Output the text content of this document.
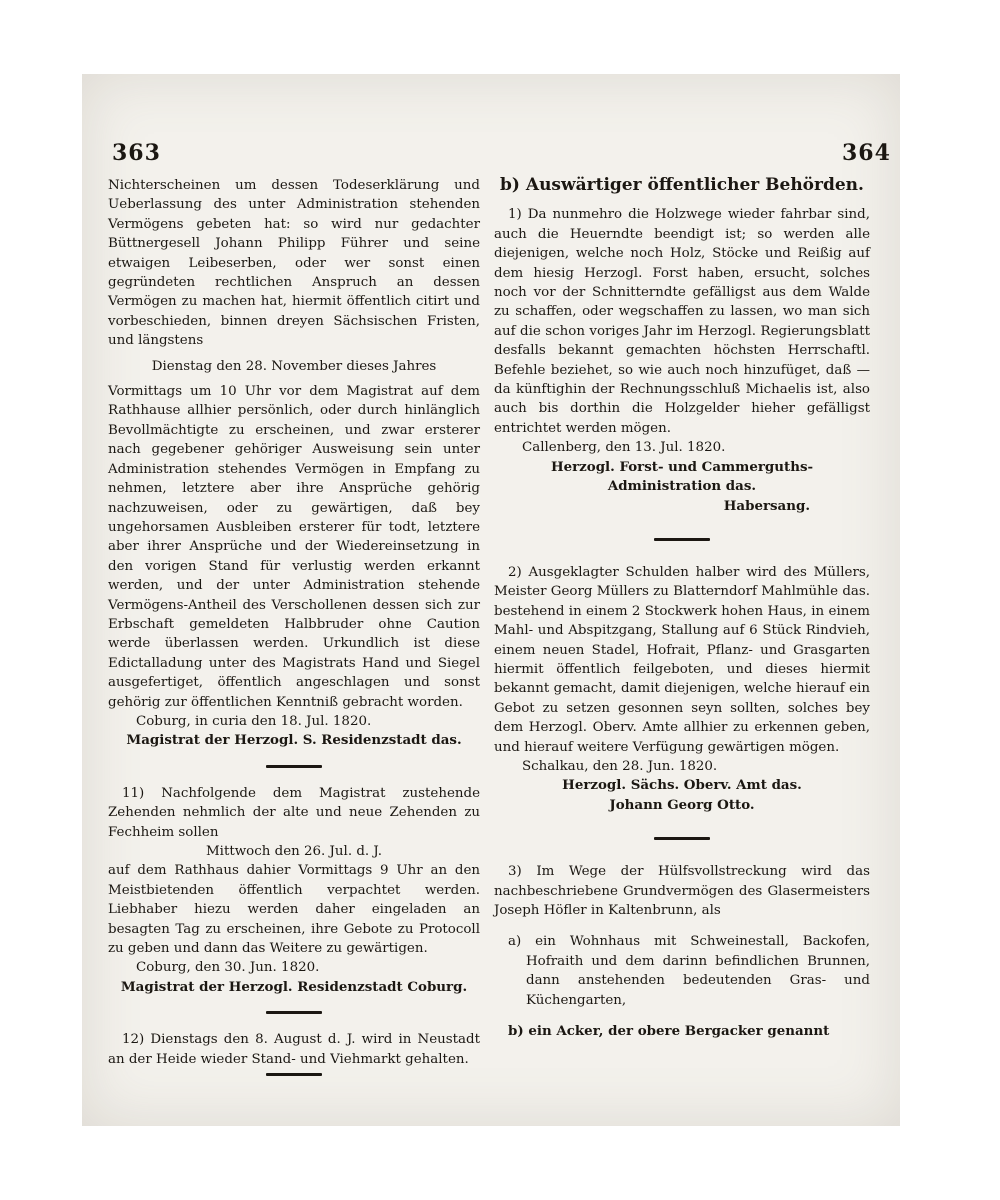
363	364

Nichterscheinen um dessen Todeserklärung und Ueberlassung des unter Administration stehenden Vermögens gebeten hat: so wird nur gedachter Büttnergesell Johann Philipp Führer und seine etwaigen Leibeserben, oder wer sonst einen gegründeten rechtlichen Anspruch an dessen Vermögen zu machen hat, hiermit öffentlich citirt und vorbeschieden, binnen dreyen Sächsischen Fristen, und längstens

Dienstag den 28. November dieses Jahres

Vormittags um 10 Uhr vor dem Magistrat auf dem Rathhause allhier persönlich, oder durch hinlänglich Bevollmächtigte zu erscheinen, und zwar ersterer nach gegebener gehöriger Ausweisung sein unter Administration stehendes Vermögen in Empfang zu nehmen, letztere aber ihre Ansprüche gehörig nachzuweisen, oder zu gewärtigen, daß bey ungehorsamen Ausbleiben ersterer für todt, letztere aber ihrer Ansprüche und der Wiedereinsetzung in den vorigen Stand für verlustig werden erkannt werden, und der unter Administration stehende Vermögens-Antheil des Verschollenen dessen sich zur Erbschaft gemeldeten Halbbruder ohne Caution werde überlassen werden. Urkundlich ist diese Edictalladung unter des Magistrats Hand und Siegel ausgefertiget, öffentlich angeschlagen und sonst gehörig zur öffentlichen Kenntniß gebracht worden.

Coburg, in curia den 18. Jul. 1820.

Magistrat der Herzogl. S. Residenzstadt das.

11) Nachfolgende dem Magistrat zustehende Zehenden nehmlich der alte und neue Zehenden zu Fechheim sollen

Mittwoch den 26. Jul. d. J.

auf dem Rathhaus dahier Vormittags 9 Uhr an den Meistbietenden öffentlich verpachtet werden. Liebhaber hiezu werden daher eingeladen an besagten Tag zu erscheinen, ihre Gebote zu Protocoll zu geben und dann das Weitere zu gewärtigen.

Coburg, den 30. Jun. 1820.

Magistrat der Herzogl. Residenzstadt Coburg.

12) Dienstags den 8. August d. J. wird in Neustadt an der Heide wieder Stand- und Viehmarkt gehalten.

b) Auswärtiger öffentlicher Behörden.

1) Da nunmehro die Holzwege wieder fahrbar sind, auch die Heuerndte beendigt ist; so werden alle diejenigen, welche noch Holz, Stöcke und Reißig auf dem hiesig Herzogl. Forst haben, ersucht, solches noch vor der Schnitterndte gefälligst aus dem Walde zu schaffen, oder wegschaffen zu lassen, wo man sich auf die schon voriges Jahr im Herzogl. Regierungsblatt desfalls bekannt gemachten höchsten Herrschaftl. Befehle beziehet, so wie auch noch hinzufüget, daß — da künftighin der Rechnungsschluß Michaelis ist, also auch bis dorthin die Holzgelder hieher gefälligst entrichtet werden mögen.

Callenberg, den 13. Jul. 1820.

Herzogl. Forst- und Cammerguths-

Administration das.

Habersang.

2) Ausgeklagter Schulden halber wird des Müllers, Meister Georg Müllers zu Blatterndorf Mahlmühle das. bestehend in einem 2 Stockwerk hohen Haus, in einem Mahl- und Abspitzgang, Stallung auf 6 Stück Rindvieh, einem neuen Stadel, Hofrait, Pflanz- und Grasgarten hiermit öffentlich feilgeboten, und dieses hiermit bekannt gemacht, damit diejenigen, welche hierauf ein Gebot zu setzen gesonnen seyn sollten, solches bey dem Herzogl. Oberv. Amte allhier zu erkennen geben, und hierauf weitere Verfügung gewärtigen mögen.

Schalkau, den 28. Jun. 1820.

Herzogl. Sächs. Oberv. Amt das.

Johann Georg Otto.

3) Im Wege der Hülfsvollstreckung wird das nachbeschriebene Grundvermögen des Glasermeisters Joseph Höfler in Kaltenbrunn, als

a) ein Wohnhaus mit Schweinestall, Backofen, Hofraith und dem darinn befindlichen Brunnen, dann anstehenden bedeutenden Gras- und Küchengarten,

b) ein Acker, der obere Bergacker genannt
